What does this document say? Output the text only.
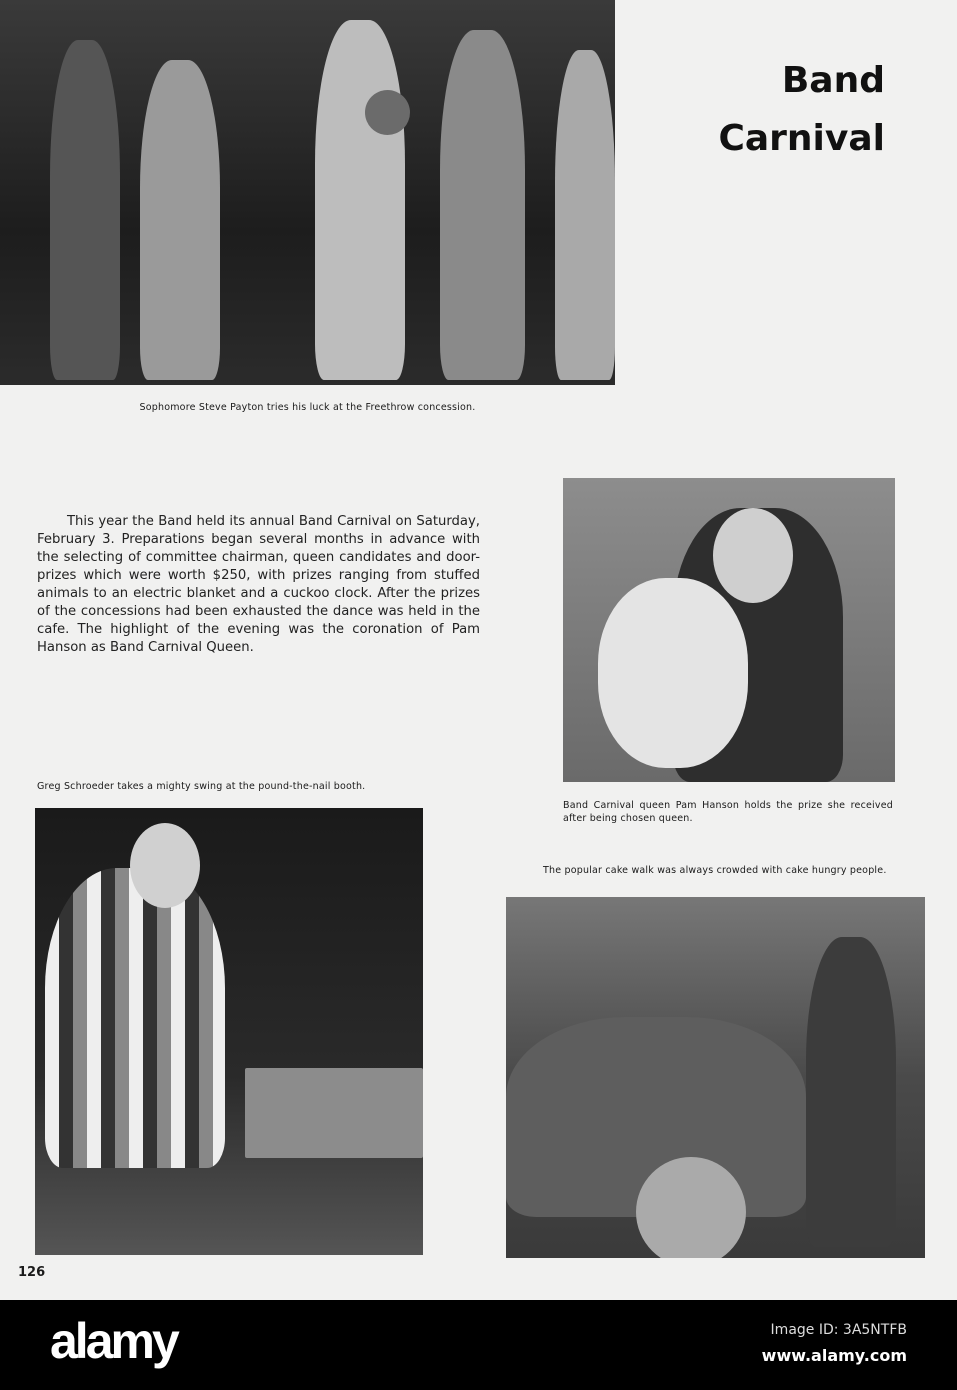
Sophomore Steve Payton tries his luck at the Freethrow concession.
Band
Carnival
This year the Band held its annual Band Carnival on Saturday, February 3. Preparations began several months in advance with the selecting of committee chairman, queen candidates and door-prizes which were worth $250, with prizes ranging from stuffed animals to an electric blanket and a cuckoo clock. After the prizes of the concessions had been exhausted the dance was held in the cafe. The highlight of the evening was the coronation of Pam Hanson as Band Carnival Queen.
Band Carnival queen Pam Hanson holds the prize she received after being chosen queen.
Greg Schroeder takes a mighty swing at the pound-the-nail booth.
The popular cake walk was always crowded with cake hungry people.
126
alamy	Image ID: 3A5NTFB
www.alamy.com
